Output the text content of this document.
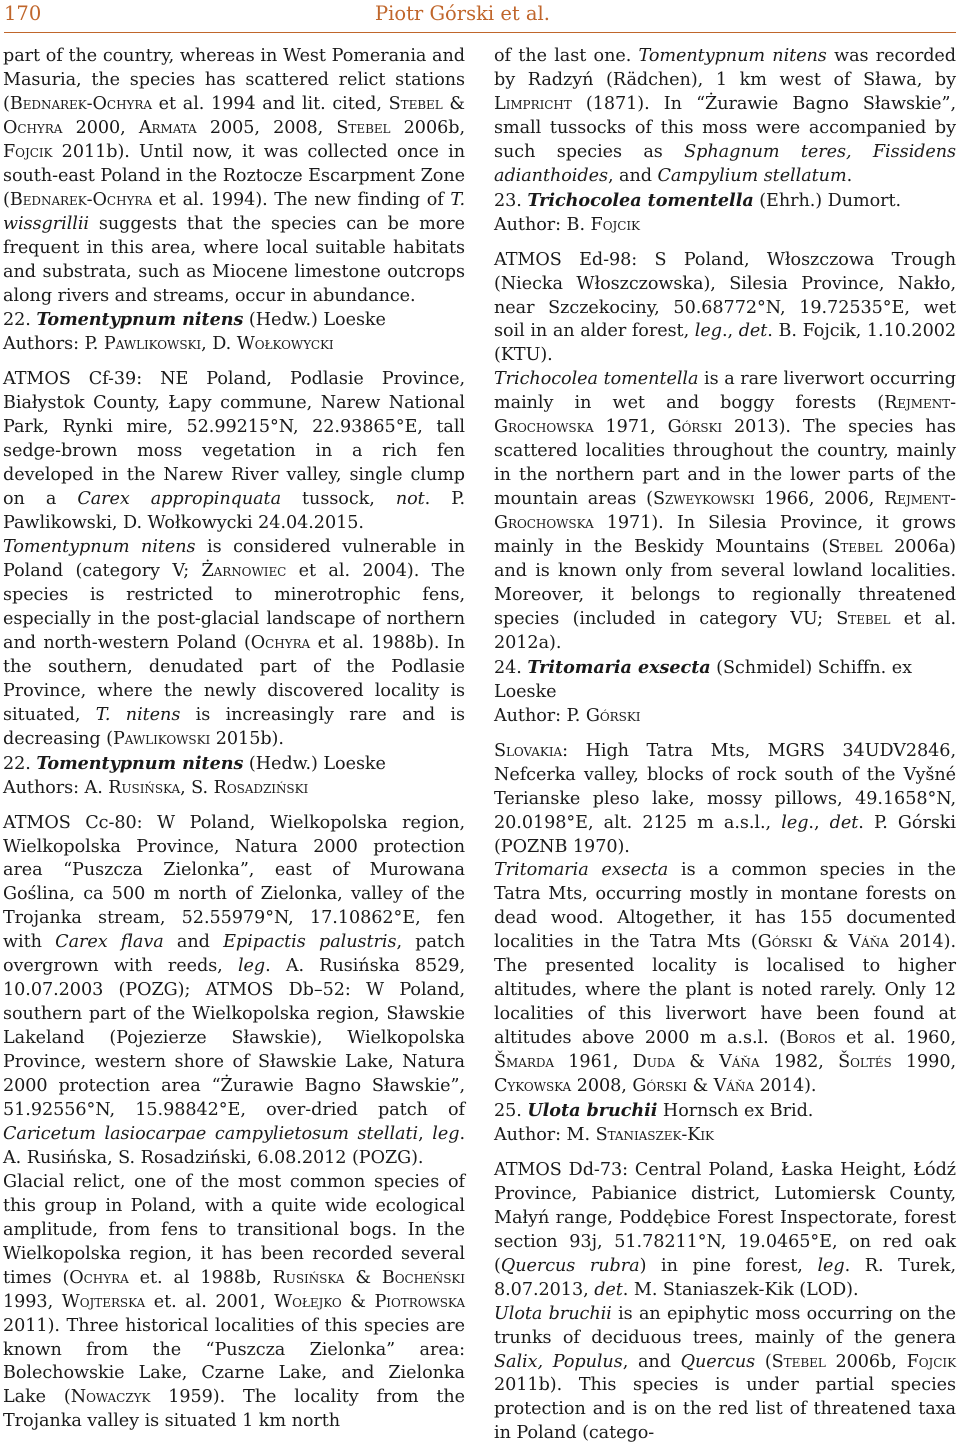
170	Piotr Górski et al.

part of the country, whereas in West Pomerania and Masuria, the species has scattered relict stations (Bednarek-Ochyra et al. 1994 and lit. cited, Stebel & Ochyra 2000, Armata 2005, 2008, Stebel 2006b, Fojcik 2011b). Until now, it was collected once in south-east Poland in the Roztocze Escarpment Zone (Bednarek-Ochyra et al. 1994). The new finding of T. wissgrillii suggests that the species can be more frequent in this area, where local suitable habitats and substrata, such as Miocene limestone outcrops along rivers and streams, occur in abundance.

22. Tomentypnum nitens (Hedw.) Loeske

Authors: P. Pawlikowski, D. Wołkowycki

ATMOS Cf-39: NE Poland, Podlasie Province, Białystok County, Łapy commune, Narew National Park, Rynki mire, 52.99215°N, 22.93865°E, tall sedge-brown moss vegetation in a rich fen developed in the Narew River valley, single clump on a Carex appropinquata tussock, not. P. Pawlikowski, D. Wołkowycki 24.04.2015.

Tomentypnum nitens is considered vulnerable in Poland (category V; Żarnowiec et al. 2004). The species is restricted to minerotrophic fens, especially in the post-glacial landscape of northern and north-western Poland (Ochyra et al. 1988b). In the southern, denudated part of the Podlasie Province, where the newly discovered locality is situated, T. nitens is increasingly rare and is decreasing (Pawlikowski 2015b).

22. Tomentypnum nitens (Hedw.) Loeske

Authors: A. Rusińska, S. Rosadziński

ATMOS Cc-80: W Poland, Wielkopolska region, Wielkopolska Province, Natura 2000 protection area “Puszcza Zielonka”, east of Murowana Goślina, ca 500 m north of Zielonka, valley of the Trojanka stream, 52.55979°N, 17.10862°E, fen with Carex flava and Epipactis palustris, patch overgrown with reeds, leg. A. Rusińska 8529, 10.07.2003 (POZG); ATMOS Db–52: W Poland, southern part of the Wielkopolska region, Sławskie Lakeland (Pojezierze Sławskie), Wielkopolska Province, western shore of Sławskie Lake, Natura 2000 protection area “Żurawie Bagno Sławskie”, 51.92556°N, 15.98842°E, over-dried patch of Caricetum lasiocarpae campylietosum stellati, leg. A. Rusińska, S. Rosadziński, 6.08.2012 (POZG).

Glacial relict, one of the most common species of this group in Poland, with a quite wide ecological amplitude, from fens to transitional bogs. In the Wielkopolska region, it has been recorded several times (Ochyra et. al 1988b, Rusińska & Bocheński 1993, Wojterska et. al. 2001, Wołejko & Piotrowska 2011). Three historical localities of this species are known from the “Puszcza Zielonka” area: Bolechowskie Lake, Czarne Lake, and Zielonka Lake (Nowaczyk 1959). The locality from the Trojanka valley is situated 1 km north

of the last one. Tomentypnum nitens was recorded by Radzyń (Rädchen), 1 km west of Sława, by Limpricht (1871). In “Żurawie Bagno Sławskie”, small tussocks of this moss were accompanied by such species as Sphagnum teres, Fissidens adianthoides, and Campylium stellatum.

23. Trichocolea tomentella (Ehrh.) Dumort.

Author: B. Fojcik

ATMOS Ed-98: S Poland, Włoszczowa Trough (Niecka Włoszczowska), Silesia Province, Nakło, near Szczekociny, 50.68772°N, 19.72535°E, wet soil in an alder forest, leg., det. B. Fojcik, 1.10.2002 (KTU).

Trichocolea tomentella is a rare liverwort occurring mainly in wet and boggy forests (Rejment-Grochowska 1971, Górski 2013). The species has scattered localities throughout the country, mainly in the northern part and in the lower parts of the mountain areas (Szweykowski 1966, 2006, Rejment-Grochowska 1971). In Silesia Province, it grows mainly in the Beskidy Mountains (Stebel 2006a) and is known only from several lowland localities. Moreover, it belongs to regionally threatened species (included in category VU; Stebel et al. 2012a).

24. Tritomaria exsecta (Schmidel) Schiffn. ex Loeske

Author: P. Górski

Slovakia: High Tatra Mts, MGRS 34UDV2846, Nefcerka valley, blocks of rock south of the Vyšné Terianske pleso lake, mossy pillows, 49.1658°N, 20.0198°E, alt. 2125 m a.s.l., leg., det. P. Górski (POZNB 1970).

Tritomaria exsecta is a common species in the Tatra Mts, occurring mostly in montane forests on dead wood. Altogether, it has 155 documented localities in the Tatra Mts (Górski & Váňa 2014). The presented locality is localised to higher altitudes, where the plant is noted rarely. Only 12 localities of this liverwort have been found at altitudes above 2000 m a.s.l. (Boros et al. 1960, Šmarda 1961, Duda & Váňa 1982, Šoltés 1990, Cykowska 2008, Górski & Váňa 2014).

25. Ulota bruchii Hornsch ex Brid.

Author: M. Staniaszek-Kik

ATMOS Dd-73: Central Poland, Łaska Height, Łódź Province, Pabianice district, Lutomiersk County, Małyń range, Poddębice Forest Inspectorate, forest section 93j, 51.78211°N, 19.0465°E, on red oak (Quercus rubra) in pine forest, leg. R. Turek, 8.07.2013, det. M. Staniaszek-Kik (LOD).

Ulota bruchii is an epiphytic moss occurring on the trunks of deciduous trees, mainly of the genera Salix, Populus, and Quercus (Stebel 2006b, Fojcik 2011b). This species is under partial species protection and is on the red list of threatened taxa in Poland (catego-
